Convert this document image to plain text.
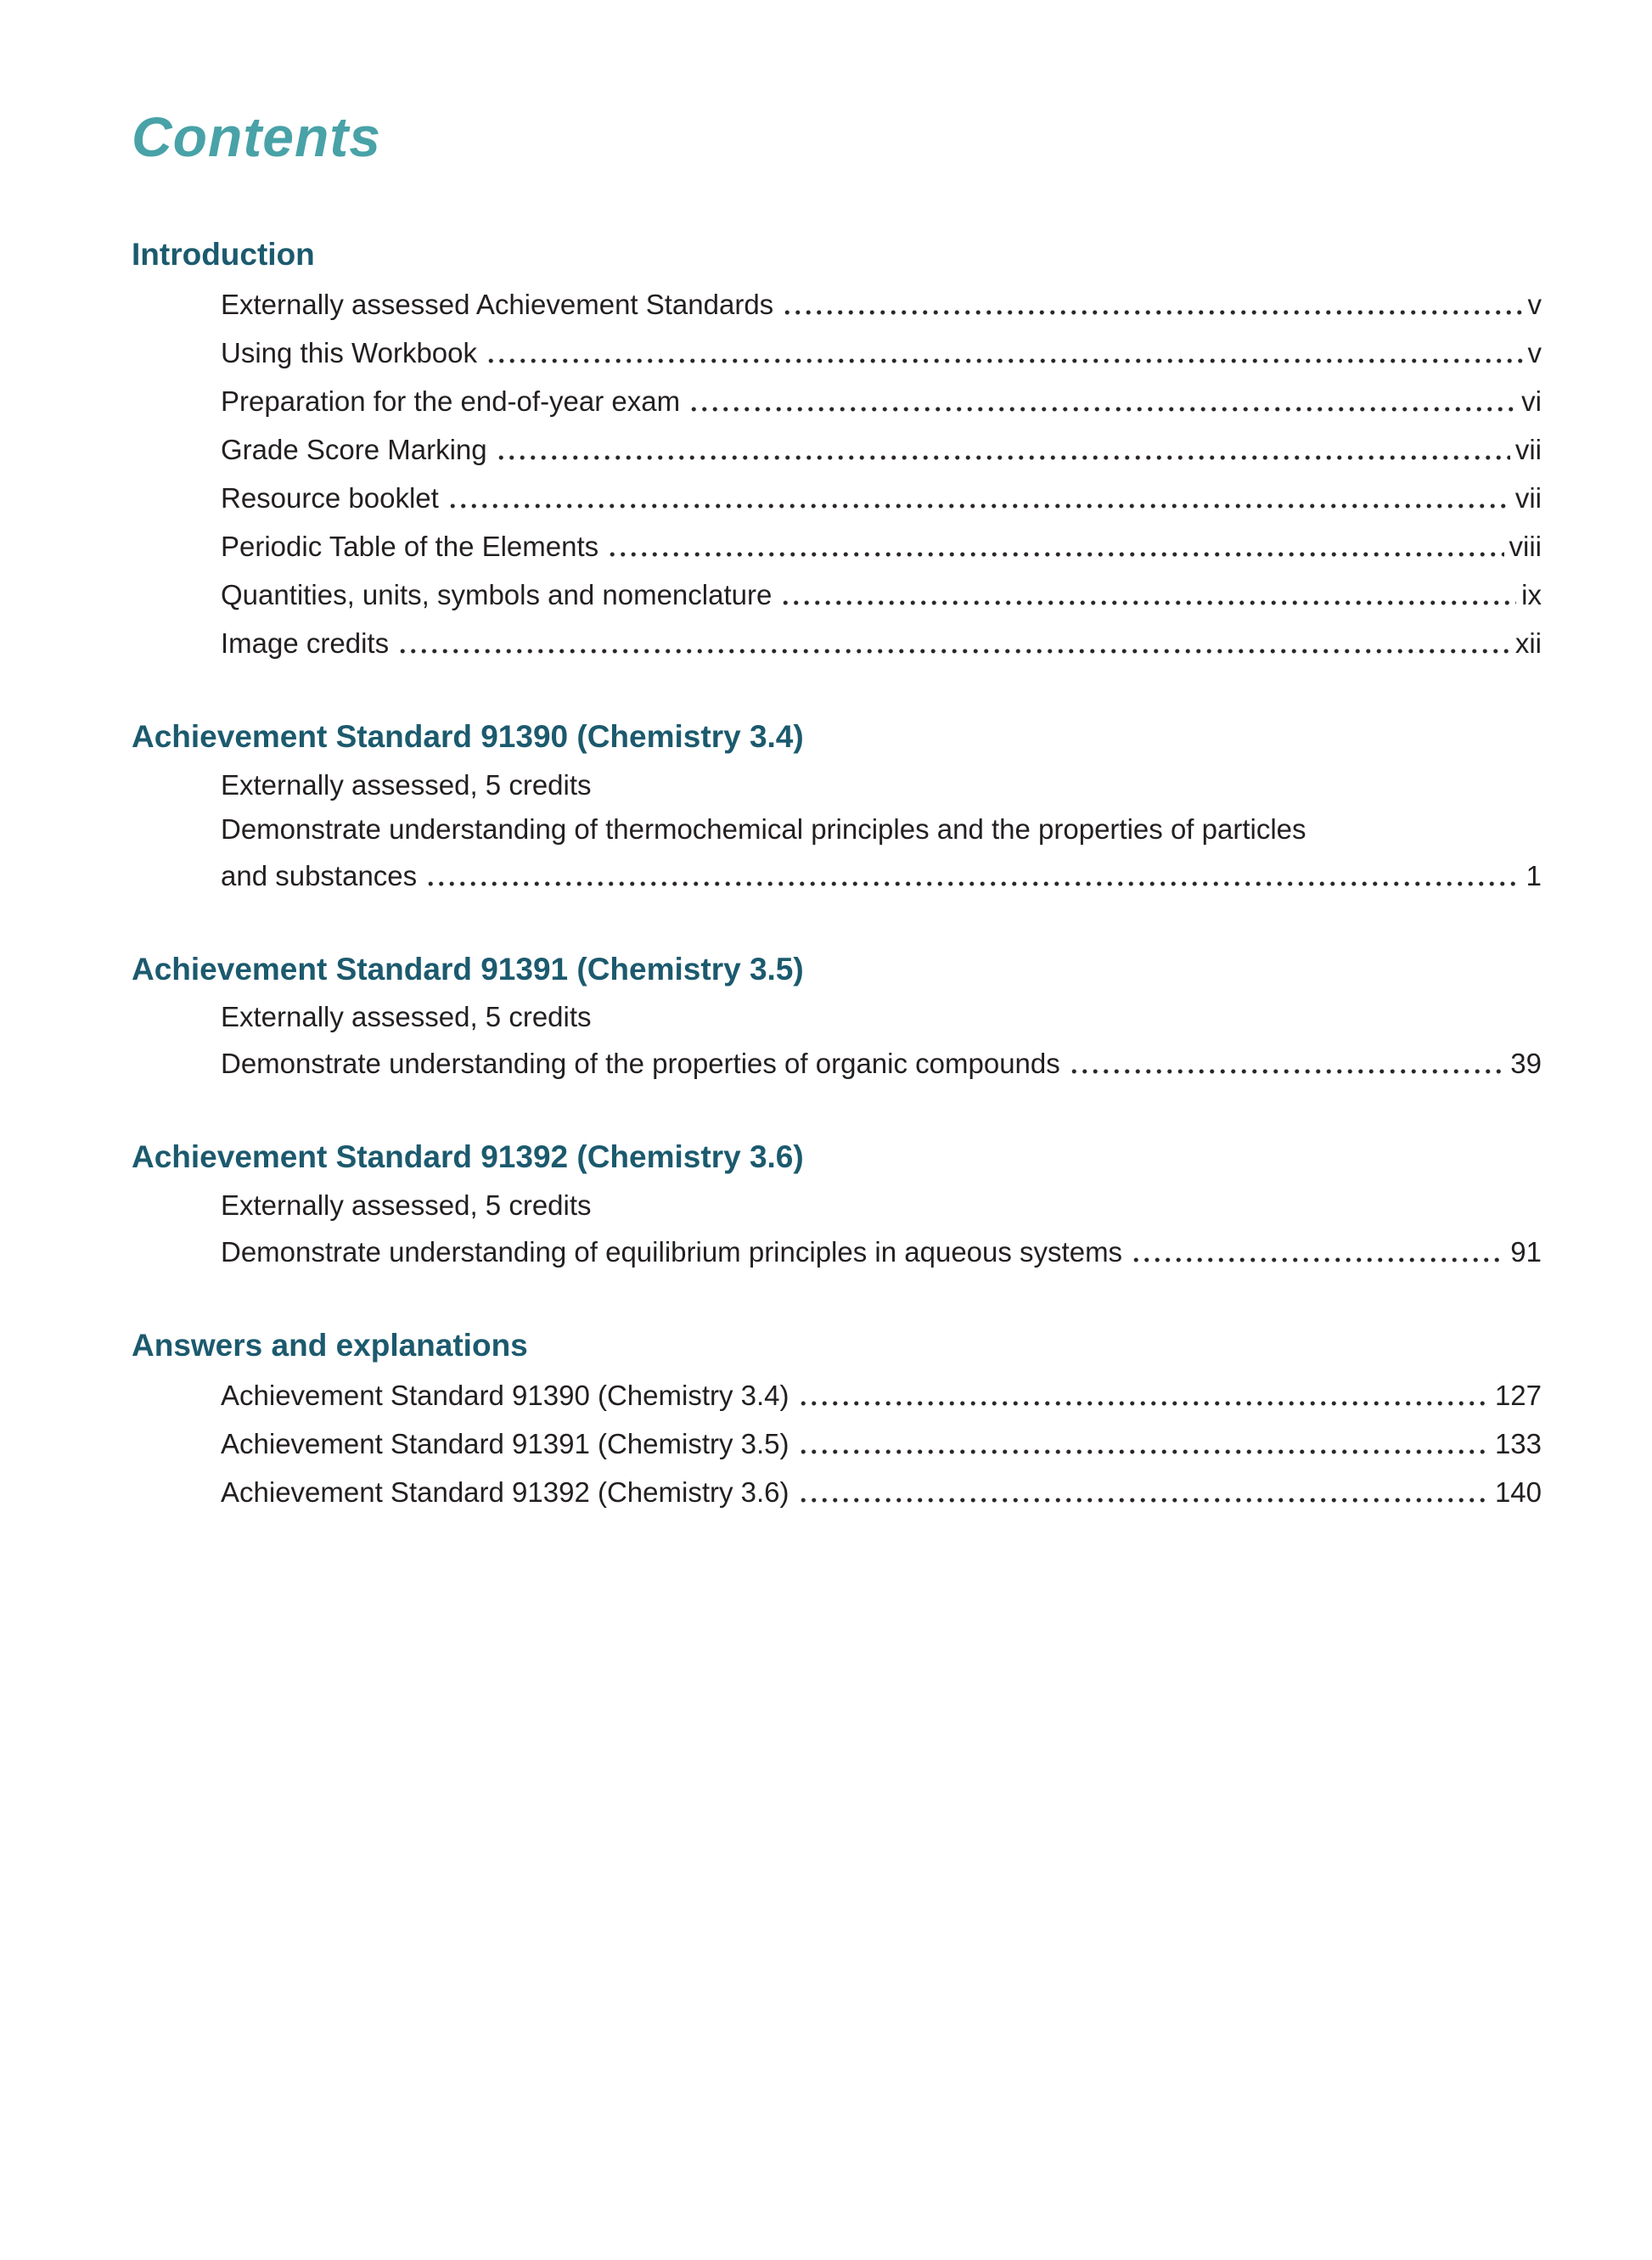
Contents
Introduction
Externally assessed Achievement Standards	v
Using this Workbook	v
Preparation for the end-of-year exam	vi
Grade Score Marking	vii
Resource booklet	vii
Periodic Table of the Elements	viii
Quantities, units, symbols and nomenclature	ix
Image credits	xii
Achievement Standard 91390 (Chemistry 3.4)

Externally assessed, 5 credits

Demonstrate understanding of thermochemical principles and the properties of particles

and substances	1
Achievement Standard 91391 (Chemistry 3.5)

Externally assessed, 5 credits

Demonstrate understanding of the properties of organic compounds	39
Achievement Standard 91392 (Chemistry 3.6)

Externally assessed, 5 credits

Demonstrate understanding of equilibrium principles in aqueous systems	91
Answers and explanations
Achievement Standard 91390 (Chemistry 3.4)	127
Achievement Standard 91391 (Chemistry 3.5)	133
Achievement Standard 91392 (Chemistry 3.6)	140
